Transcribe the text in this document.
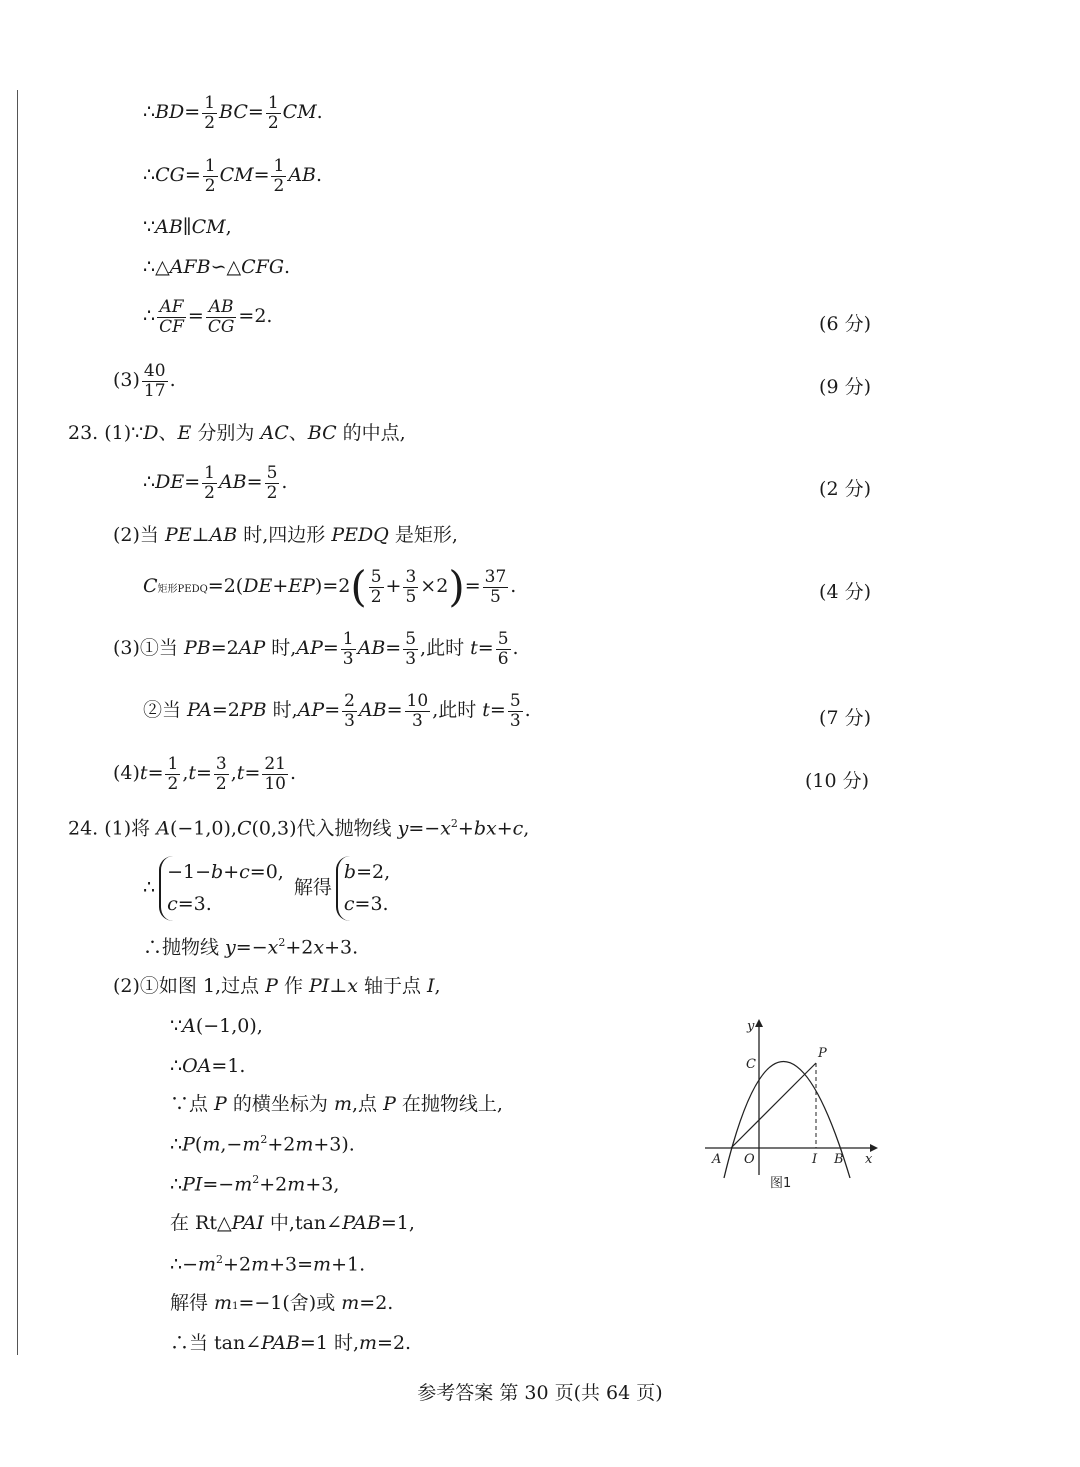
∴BD= $\frac{1}{2} BC= \frac{1}{2}$ CM.
∴CG= $\frac{1}{2} CM= \frac{1}{2}$ AB.
∵AB∥CM,
∴△AFB∽△CFG.
∴ $\frac{AF}{CF} = \frac{AB}{CG} =2$.	(6 分)
$(3) \frac{40}{17}$ .	(9 分)
23. (1)∵D、E 分别为 AC、BC 的中点,
∴DE= $\frac{1}{2} AB= \frac{5}{2}$ .	(2 分)
(2)当 PE⊥AB 时,四边形 PEDQ 是矩形,
C矩形PEDQ=2(DE+EP)=2( $\frac{5}{2} + \frac{3}{5} \times 2)= \frac{37}{5}$ .	(4 分)
(3)①当 PB=2AP 时$,AP= \frac{1}{3} AB= \frac{5}{3}$ ,此时 $t= \frac{5}{6}$ .
②当 PA=2PB 时$,AP= \frac{2}{3} AB= \frac{10}{3}$ ,此时 $t= \frac{5}{3}$ .	(7 分)
$(4)t= \frac{1}{2} ,t= \frac{3}{2} ,t= \frac{21}{10}$ .	(10 分)
24. (1)将 A(−1,0),C(0,3)代入抛物线 $y=-x^2+bx+c$,
∴
−1−b+c=0,
c=3.
解得
b=2,
c=3.
∴抛物线 $y=-x^2+2x+3$.
(2)①如图 1,过点 P 作 PI⊥x 轴于点 I,
∵A(−1,0),
∴OA=1.
∵点 P 的横坐标为 m,点 P 在抛物线上,
$\therefore P(m,-m^2+2m+3)$.
$\therefore PI=-m^2+2m+3$,
在 Rt△PAI 中,tan∠PAB=1,
$\therefore-m^2+2m+3=m+1$.
解得 m1=−1(舍)或 m=2.
∴当 tan∠PAB=1 时,m=2.
y
x
A O
C
P
I B
图1
参考答案 第 30 页(共 64 页)
